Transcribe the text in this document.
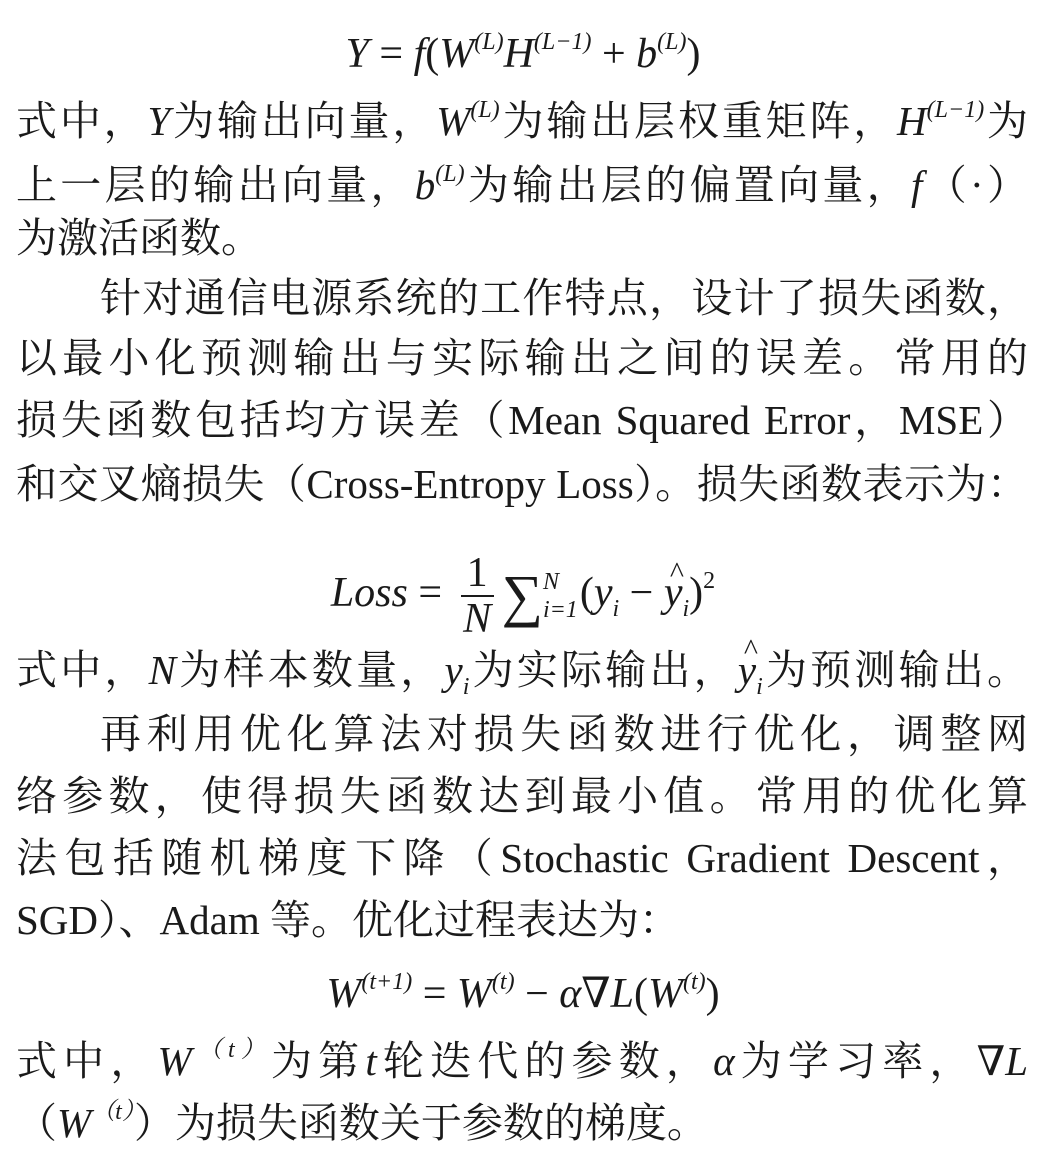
$Y = f(W^{(L)}H^{(L-1)} + b^{(L)})$
式中，Y为输出向量，$W^{(L)}$为输出层权重矩阵，$H^{(L-1)}$为
上一层的输出向量，$b^{(L)}$为输出层的偏置向量，f（·）
为激活函数。
针对通信电源系统的工作特点，设计了损失函数，
以最小化预测输出与实际输出之间的误差。常用的
损失函数包括均方误差（Mean Squared Error，MSE）
和交叉熵损失（Cross-Entropy Loss）。损失函数表示为：
Loss = $\frac{1}{N}$ ∑ N
i=1 ($y_i$ − ^ $y_i)^2$
式中，N为样本数量，$y_i$为实际输出，^ $y_i$为预测输出。
再利用优化算法对损失函数进行优化，调整网
络参数，使得损失函数达到最小值。常用的优化算
法包括随机梯度下降（Stochastic Gradient Descent，
SGD）、Adam 等。优化过程表达为：
$W^{(t+1)} = W^{(t)} - \alpha\nabla L(W^{(t)})$
式中，$W^{(t)}$为第t轮迭代的参数，α为学习率，∇L
$(W^{(t)})$为损失函数关于参数的梯度。
